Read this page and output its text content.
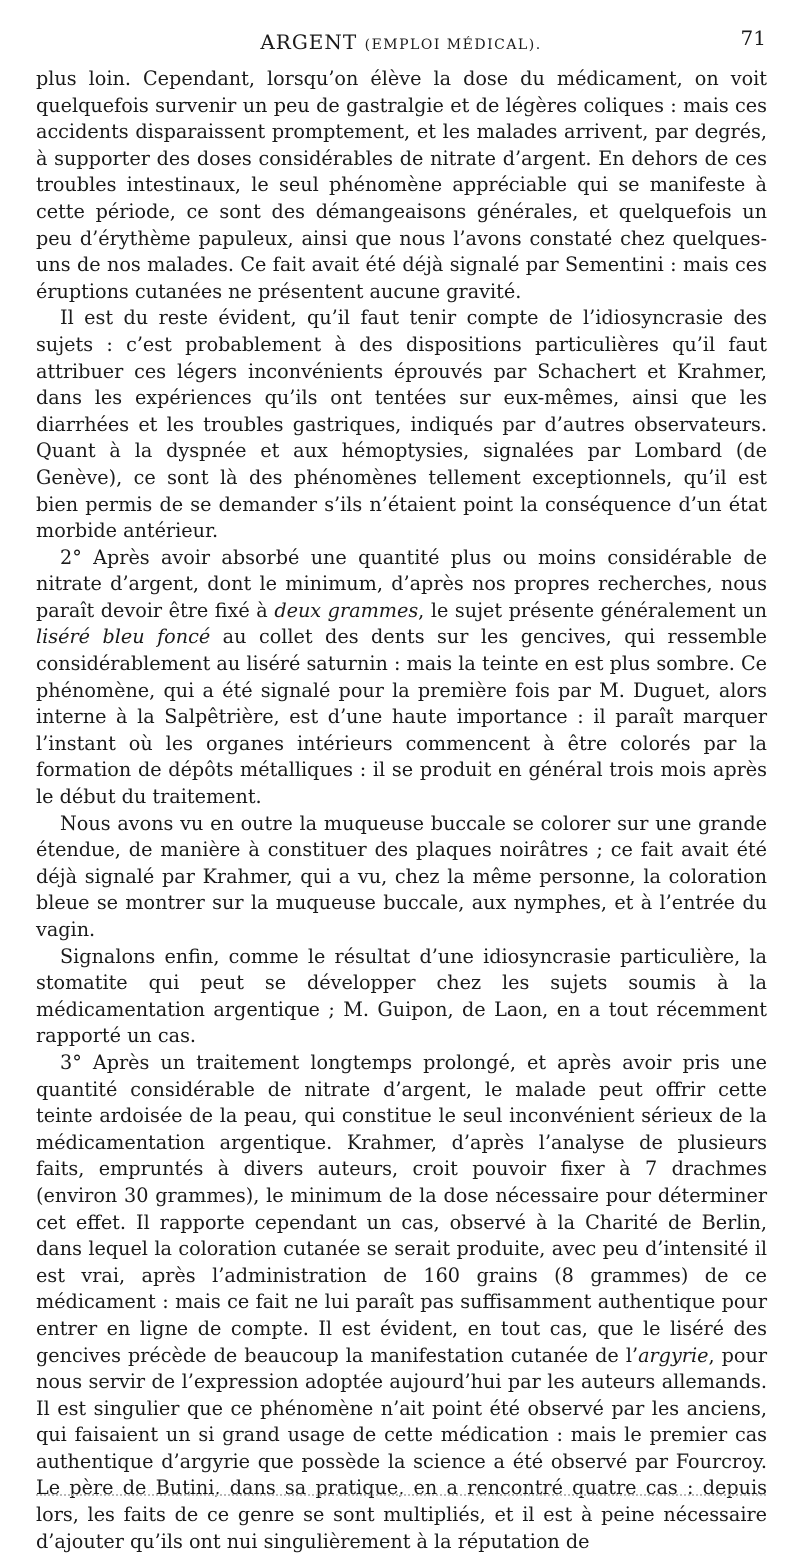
ARGENT (EMPLOI MÉDICAL).	71

plus loin. Cependant, lorsqu’on élève la dose du médicament, on voit quelquefois survenir un peu de gastralgie et de légères coliques : mais ces accidents disparaissent promptement, et les malades arrivent, par degrés, à supporter des doses considérables de nitrate d’argent. En dehors de ces troubles intestinaux, le seul phénomène appréciable qui se manifeste à cette période, ce sont des démangeaisons générales, et quelquefois un peu d’érythème papuleux, ainsi que nous l’avons constaté chez quelques-uns de nos malades. Ce fait avait été déjà signalé par Sementini : mais ces éruptions cutanées ne présentent aucune gravité.

Il est du reste évident, qu’il faut tenir compte de l’idiosyncrasie des sujets : c’est probablement à des dispositions particulières qu’il faut attribuer ces légers inconvénients éprouvés par Schachert et Krahmer, dans les expériences qu’ils ont tentées sur eux-mêmes, ainsi que les diarrhées et les troubles gastriques, indiqués par d’autres observateurs. Quant à la dyspnée et aux hémoptysies, signalées par Lombard (de Genève), ce sont là des phénomènes tellement exceptionnels, qu’il est bien permis de se demander s’ils n’étaient point la conséquence d’un état morbide antérieur.

2° Après avoir absorbé une quantité plus ou moins considérable de nitrate d’argent, dont le minimum, d’après nos propres recherches, nous paraît devoir être fixé à deux grammes, le sujet présente généralement un liséré bleu foncé au collet des dents sur les gencives, qui ressemble considérablement au liséré saturnin : mais la teinte en est plus sombre. Ce phénomène, qui a été signalé pour la première fois par M. Duguet, alors interne à la Salpêtrière, est d’une haute importance : il paraît marquer l’instant où les organes intérieurs commencent à être colorés par la formation de dépôts métalliques : il se produit en général trois mois après le début du traitement.

Nous avons vu en outre la muqueuse buccale se colorer sur une grande étendue, de manière à constituer des plaques noirâtres ; ce fait avait été déjà signalé par Krahmer, qui a vu, chez la même personne, la coloration bleue se montrer sur la muqueuse buccale, aux nymphes, et à l’entrée du vagin.

Signalons enfin, comme le résultat d’une idiosyncrasie particulière, la stomatite qui peut se développer chez les sujets soumis à la médicamentation argentique ; M. Guipon, de Laon, en a tout récemment rapporté un cas.

3° Après un traitement longtemps prolongé, et après avoir pris une quantité considérable de nitrate d’argent, le malade peut offrir cette teinte ardoisée de la peau, qui constitue le seul inconvénient sérieux de la médicamentation argentique. Krahmer, d’après l’analyse de plusieurs faits, empruntés à divers auteurs, croit pouvoir fixer à 7 drachmes (environ 30 grammes), le minimum de la dose nécessaire pour déterminer cet effet. Il rapporte cependant un cas, observé à la Charité de Berlin, dans lequel la coloration cutanée se serait produite, avec peu d’intensité il est vrai, après l’administration de 160 grains (8 grammes) de ce médicament : mais ce fait ne lui paraît pas suffisamment authentique pour entrer en ligne de compte. Il est évident, en tout cas, que le liséré des gencives précède de beaucoup la manifestation cutanée de l’argyrie, pour nous servir de l’expression adoptée aujourd’hui par les auteurs allemands. Il est singulier que ce phénomène n’ait point été observé par les anciens, qui faisaient un si grand usage de cette médication : mais le premier cas authentique d’argyrie que possède la science a été observé par Fourcroy. Le père de Butini, dans sa pratique, en a rencontré quatre cas : depuis lors, les faits de ce genre se sont multipliés, et il est à peine nécessaire d’ajouter qu’ils ont nui singulièrement à la réputation de
